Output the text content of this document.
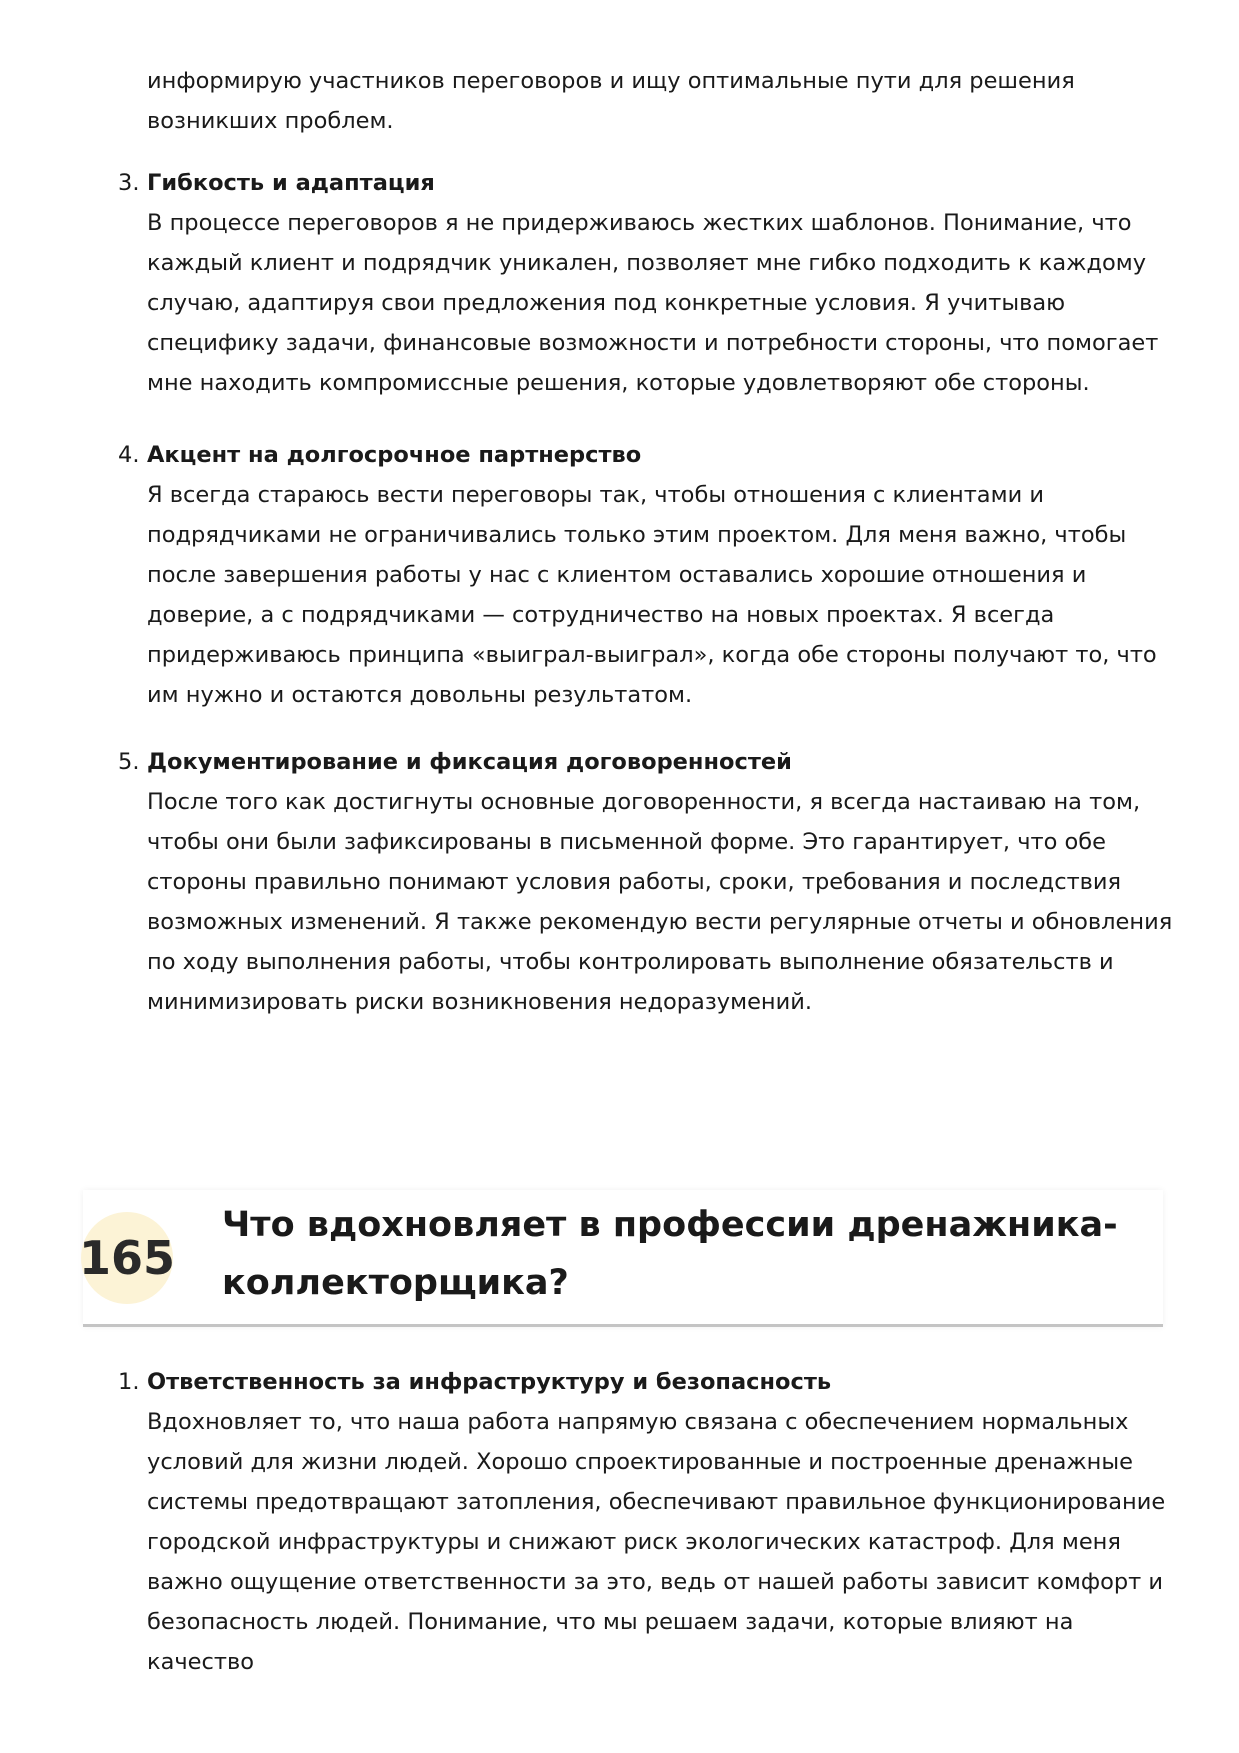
информирую участников переговоров и ищу оптимальные пути для решения возникших проблем.
3. Гибкость и адаптация
В процессе переговоров я не придерживаюсь жестких шаблонов. Понимание, что каждый клиент и подрядчик уникален, позволяет мне гибко подходить к каждому случаю, адаптируя свои предложения под конкретные условия. Я учитываю специфику задачи, финансовые возможности и потребности стороны, что помогает мне находить компромиссные решения, которые удовлетворяют обе стороны.
4. Акцент на долгосрочное партнерство
Я всегда стараюсь вести переговоры так, чтобы отношения с клиентами и подрядчиками не ограничивались только этим проектом. Для меня важно, чтобы после завершения работы у нас с клиентом оставались хорошие отношения и доверие, а с подрядчиками — сотрудничество на новых проектах. Я всегда придерживаюсь принципа «выиграл-выиграл», когда обе стороны получают то, что им нужно и остаются довольны результатом.
5. Документирование и фиксация договоренностей
После того как достигнуты основные договоренности, я всегда настаиваю на том, чтобы они были зафиксированы в письменной форме. Это гарантирует, что обе стороны правильно понимают условия работы, сроки, требования и последствия возможных изменений. Я также рекомендую вести регулярные отчеты и обновления по ходу выполнения работы, чтобы контролировать выполнение обязательств и минимизировать риски возникновения недоразумений.
165
Что вдохновляет в профессии дренажника-коллекторщика?
1. Ответственность за инфраструктуру и безопасность
Вдохновляет то, что наша работа напрямую связана с обеспечением нормальных условий для жизни людей. Хорошо спроектированные и построенные дренажные системы предотвращают затопления, обеспечивают правильное функционирование городской инфраструктуры и снижают риск экологических катастроф. Для меня важно ощущение ответственности за это, ведь от нашей работы зависит комфорт и безопасность людей. Понимание, что мы решаем задачи, которые влияют на качество
